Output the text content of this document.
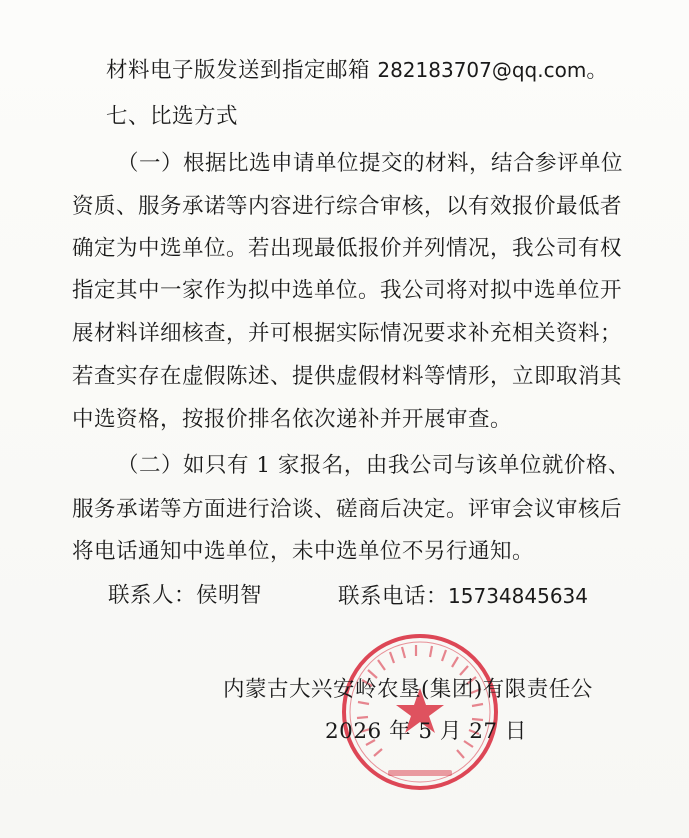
材料电子版发送到指定邮箱 282183707@qq.com。
七、比选方式
（一）根据比选申请单位提交的材料，结合参评单位
资质、服务承诺等内容进行综合审核，以有效报价最低者
确定为中选单位。若出现最低报价并列情况，我公司有权
指定其中一家作为拟中选单位。我公司将对拟中选单位开
展材料详细核查，并可根据实际情况要求补充相关资料；
若查实存在虚假陈述、提供虚假材料等情形，立即取消其
中选资格，按报价排名依次递补并开展审查。
（二）如只有 1 家报名，由我公司与该单位就价格、
服务承诺等方面进行洽谈、磋商后决定。评审会议审核后
将电话通知中选单位，未中选单位不另行通知。
联系人：侯明智	联系电话：15734845634
内蒙古大兴安岭农垦(集团)有限责任公
2026 年 5 月 27 日
